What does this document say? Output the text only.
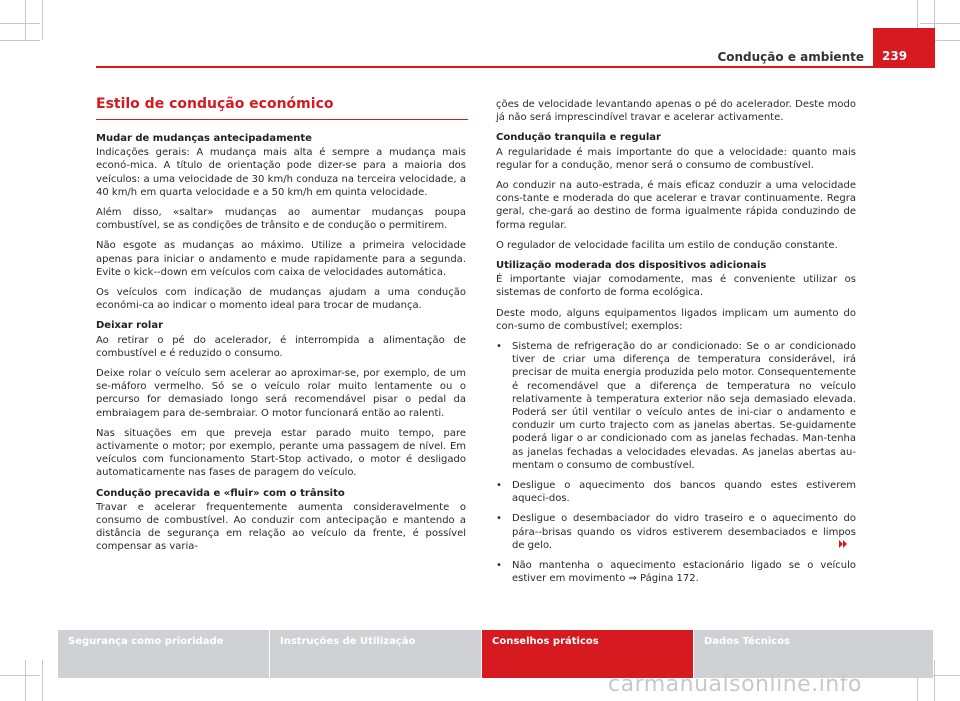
Condução e ambiente	239
Estilo de condução económico
Mudar de mudanças antecipadamente

Indicações gerais: A mudança mais alta é sempre a mudança mais econó-mica. A título de orientação pode dizer-se para a maioria dos veículos: a uma velocidade de 30 km/h conduza na terceira velocidade, a 40 km/h em quarta velocidade e a 50 km/h em quinta velocidade.

Além disso, «saltar» mudanças ao aumentar mudanças poupa combustível, se as condições de trânsito e de condução o permitirem.

Não esgote as mudanças ao máximo. Utilize a primeira velocidade apenas para iniciar o andamento e mude rapidamente para a segunda. Evite o kick--down em veículos com caixa de velocidades automática.

Os veículos com indicação de mudanças ajudam a uma condução económi-ca ao indicar o momento ideal para trocar de mudança.

Deixar rolar

Ao retirar o pé do acelerador, é interrompida a alimentação de combustível e é reduzido o consumo.

Deixe rolar o veículo sem acelerar ao aproximar-se, por exemplo, de um se-máforo vermelho. Só se o veículo rolar muito lentamente ou o percurso for demasiado longo será recomendável pisar o pedal da embraiagem para de-sembraiar. O motor funcionará então ao ralenti.

Nas situações em que preveja estar parado muito tempo, pare activamente o motor; por exemplo, perante uma passagem de nível. Em veículos com funcionamento Start-Stop activado, o motor é desligado automaticamente nas fases de paragem do veículo.

Condução precavida e «fluir» com o trânsito

Travar e acelerar frequentemente aumenta consideravelmente o consumo de combustível. Ao conduzir com antecipação e mantendo a distância de segurança em relação ao veículo da frente, é possível compensar as varia-

ções de velocidade levantando apenas o pé do acelerador. Deste modo já não será imprescindível travar e acelerar activamente.

Condução tranquila e regular

A regularidade é mais importante do que a velocidade: quanto mais regular for a condução, menor será o consumo de combustível.

Ao conduzir na auto-estrada, é mais eficaz conduzir a uma velocidade cons-tante e moderada do que acelerar e travar continuamente. Regra geral, che-gará ao destino de forma igualmente rápida conduzindo de forma regular.

O regulador de velocidade facilita um estilo de condução constante.

Utilização moderada dos dispositivos adicionais

É importante viajar comodamente, mas é conveniente utilizar os sistemas de conforto de forma ecológica.

Deste modo, alguns equipamentos ligados implicam um aumento do con-sumo de combustível; exemplos:

•	Sistema de refrigeração do ar condicionado: Se o ar condicionado tiver de criar uma diferença de temperatura considerável, irá precisar de muita energia produzida pelo motor. Consequentemente é recomendável que a diferença de temperatura no veículo relativamente à temperatura exterior não seja demasiado elevada. Poderá ser útil ventilar o veículo antes de ini-ciar o andamento e conduzir um curto trajecto com as janelas abertas. Se-guidamente poderá ligar o ar condicionado com as janelas fechadas. Man-tenha as janelas fechadas a velocidades elevadas. As janelas abertas au-mentam o consumo de combustível.
•	Desligue o aquecimento dos bancos quando estes estiverem aqueci-dos.
•	Desligue o desembaciador do vidro traseiro e o aquecimento do pára--brisas quando os vidros estiverem desembaciados e limpos de gelo.
•	Não mantenha o aquecimento estacionário ligado se o veículo estiver em movimento ⇒ Página 172.
Segurança como prioridade	Instruções de Utilização	Conselhos práticos	Dados Técnicos
carmanualsonline.info
